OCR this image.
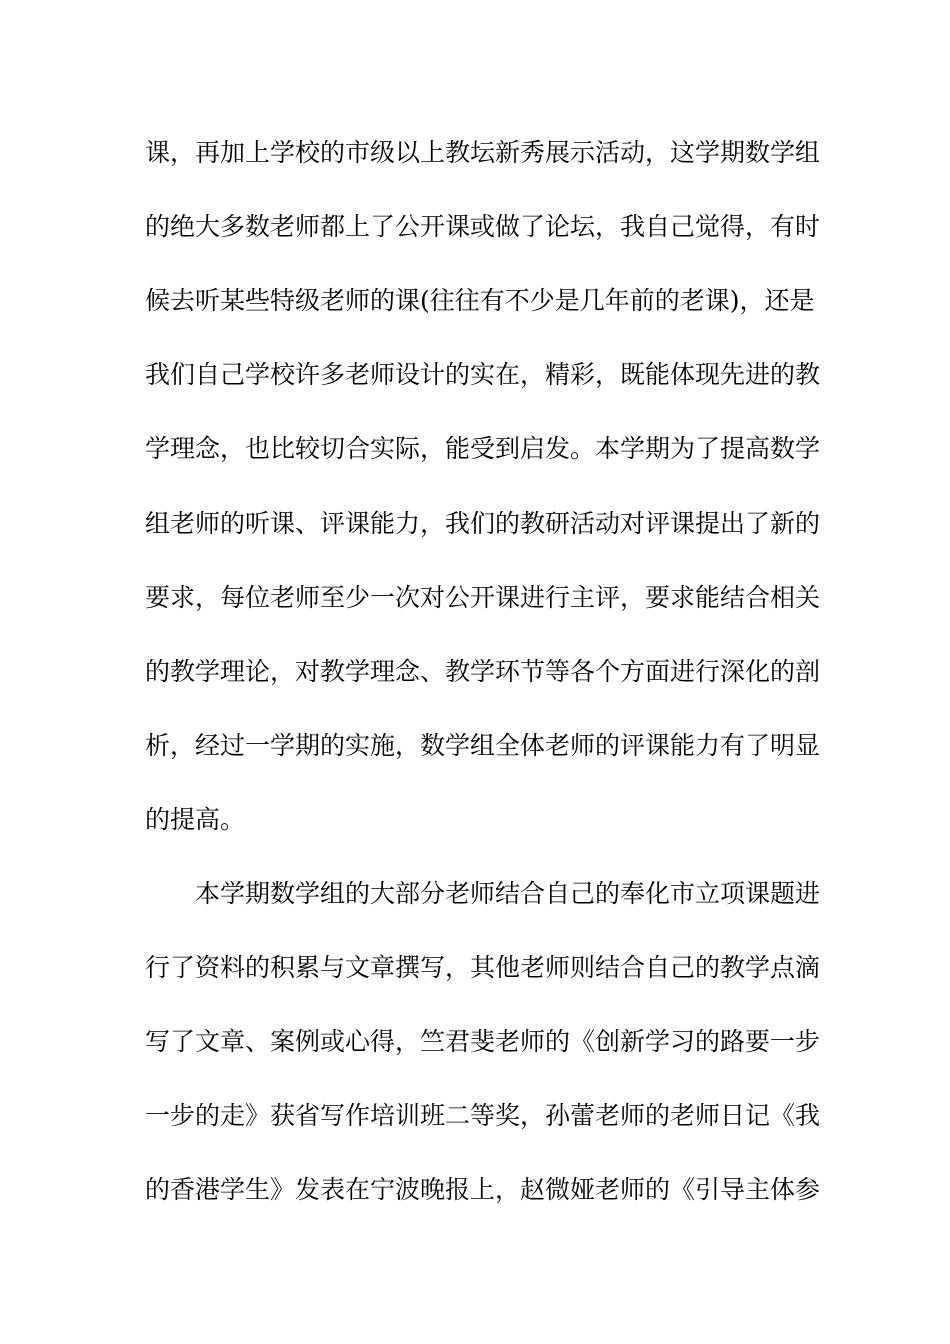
课，再加上学校的市级以上教坛新秀展示活动，这学期数学组

的绝大多数老师都上了公开课或做了论坛，我自己觉得，有时

候去听某些特级老师的课(往往有不少是几年前的老课)，还是

我们自己学校许多老师设计的实在，精彩，既能体现先进的教

学理念，也比较切合实际，能受到启发。本学期为了提高数学

组老师的听课、评课能力，我们的教研活动对评课提出了新的

要求，每位老师至少一次对公开课进行主评，要求能结合相关

的教学理论，对教学理念、教学环节等各个方面进行深化的剖

析，经过一学期的实施，数学组全体老师的评课能力有了明显

的提高。

本学期数学组的大部分老师结合自己的奉化市立项课题进

行了资料的积累与文章撰写，其他老师则结合自己的教学点滴

写了文章、案例或心得，竺君斐老师的《创新学习的路要一步

一步的走》获省写作培训班二等奖，孙蕾老师的老师日记《我

的香港学生》发表在宁波晚报上，赵微娅老师的《引导主体参
